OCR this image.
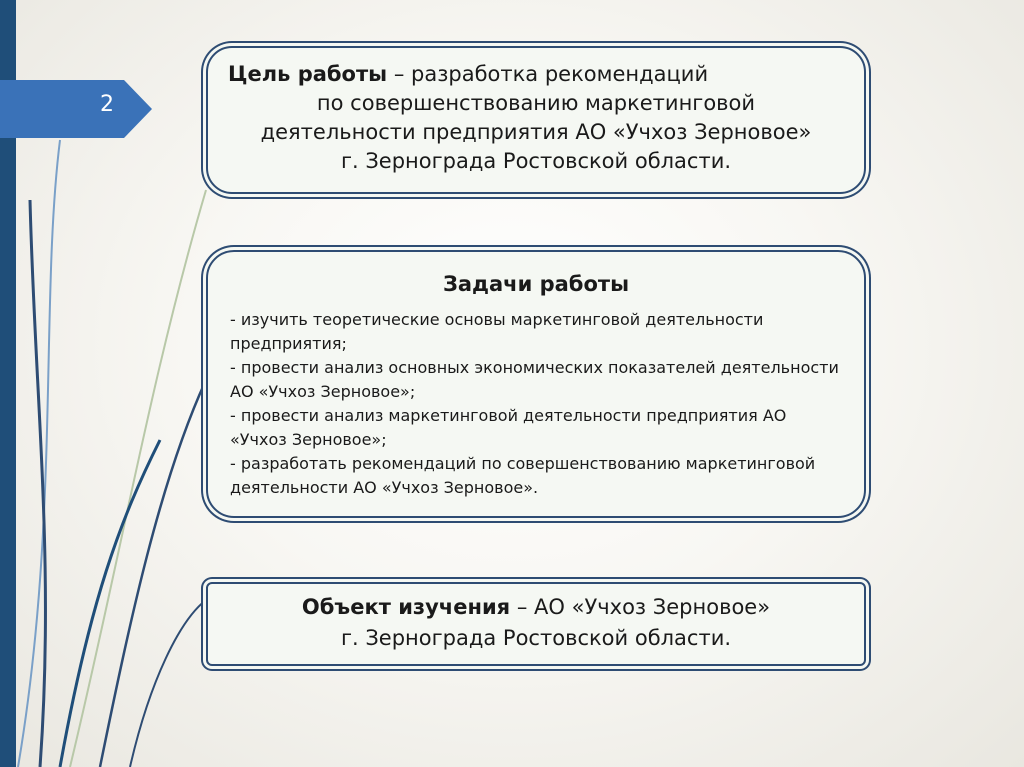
2
Цель работы – разработка рекомендаций
по совершенствованию маркетинговой
деятельности предприятия АО «Учхоз Зерновое»
г. Зернограда Ростовской области.
Задачи работы
- изучить теоретические основы маркетинговой деятельности предприятия;
- провести анализ основных экономических показателей деятельности АО «Учхоз Зерновое»;
- провести анализ маркетинговой деятельности предприятия АО «Учхоз Зерновое»;
- разработать рекомендаций по совершенствованию маркетинговой деятельности АО «Учхоз Зерновое».
Объект изучения – АО «Учхоз Зерновое»
г. Зернограда Ростовской области.
